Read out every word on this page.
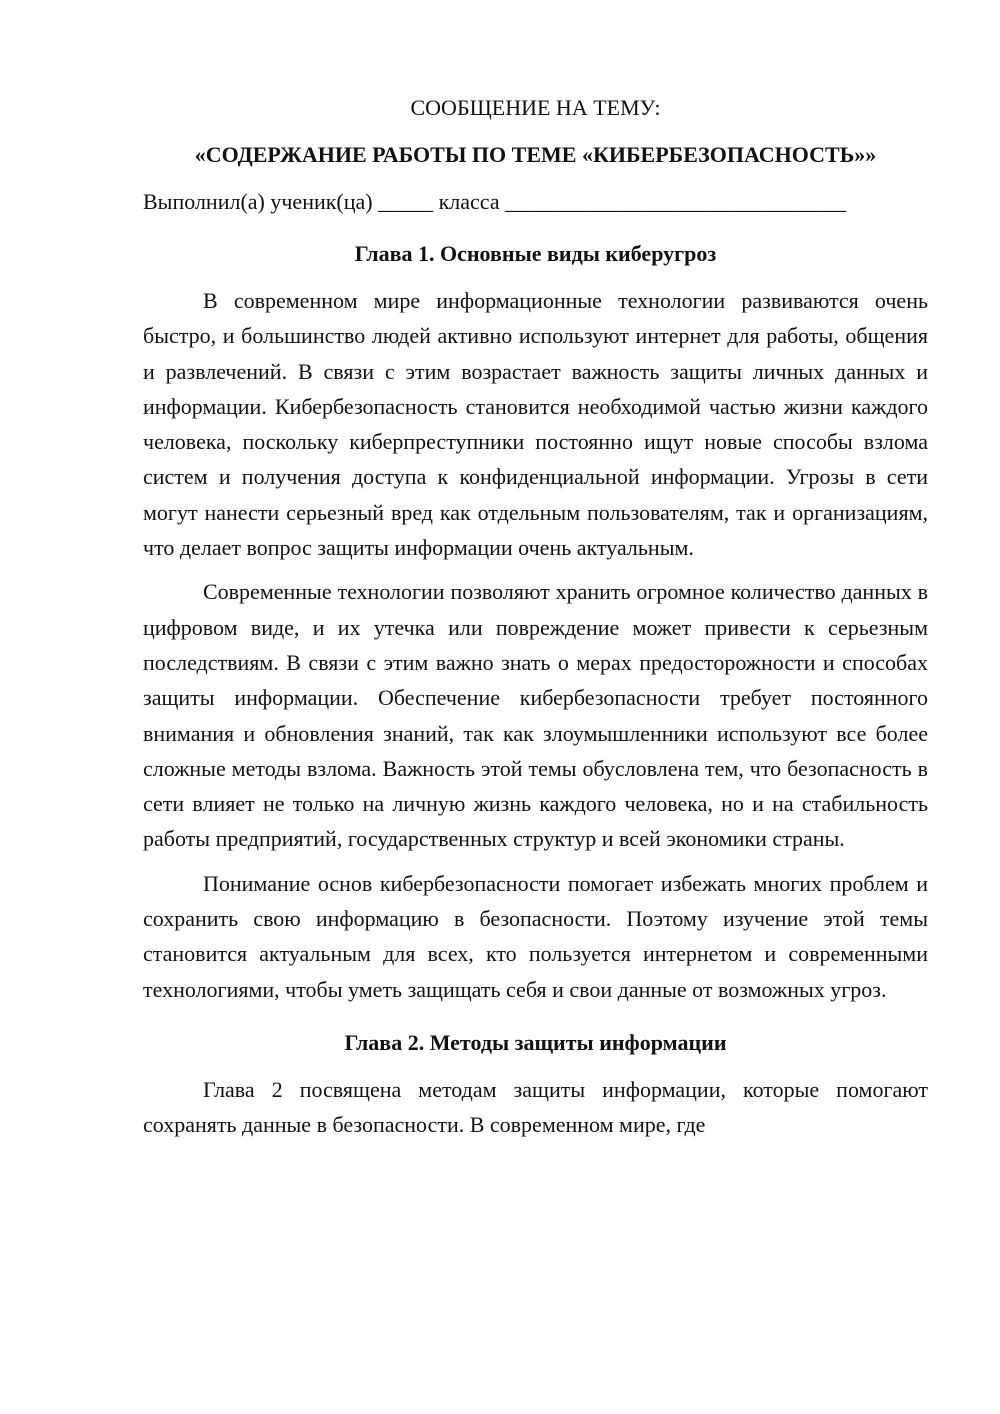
СООБЩЕНИЕ НА ТЕМУ:
«СОДЕРЖАНИЕ РАБОТЫ ПО ТЕМЕ «КИБЕРБЕЗОПАСНОСТЬ»»
Выполнил(а) ученик(ца) _____ класса _______________________________
Глава 1. Основные виды киберугроз

В современном мире информационные технологии развиваются очень быстро, и большинство людей активно используют интернет для работы, общения и развлечений. В связи с этим возрастает важность защиты личных данных и информации. Кибербезопасность становится необходимой частью жизни каждого человека, поскольку киберпреступники постоянно ищут новые способы взлома систем и получения доступа к конфиденциальной информации. Угрозы в сети могут нанести серьезный вред как отдельным пользователям, так и организациям, что делает вопрос защиты информации очень актуальным.

Современные технологии позволяют хранить огромное количество данных в цифровом виде, и их утечка или повреждение может привести к серьезным последствиям. В связи с этим важно знать о мерах предосторожности и способах защиты информации. Обеспечение кибербезопасности требует постоянного внимания и обновления знаний, так как злоумышленники используют все более сложные методы взлома. Важность этой темы обусловлена тем, что безопасность в сети влияет не только на личную жизнь каждого человека, но и на стабильность работы предприятий, государственных структур и всей экономики страны.

Понимание основ кибербезопасности помогает избежать многих проблем и сохранить свою информацию в безопасности. Поэтому изучение этой темы становится актуальным для всех, кто пользуется интернетом и современными технологиями, чтобы уметь защищать себя и свои данные от возможных угроз.

Глава 2. Методы защиты информации

Глава 2 посвящена методам защиты информации, которые помогают сохранять данные в безопасности. В современном мире, где
